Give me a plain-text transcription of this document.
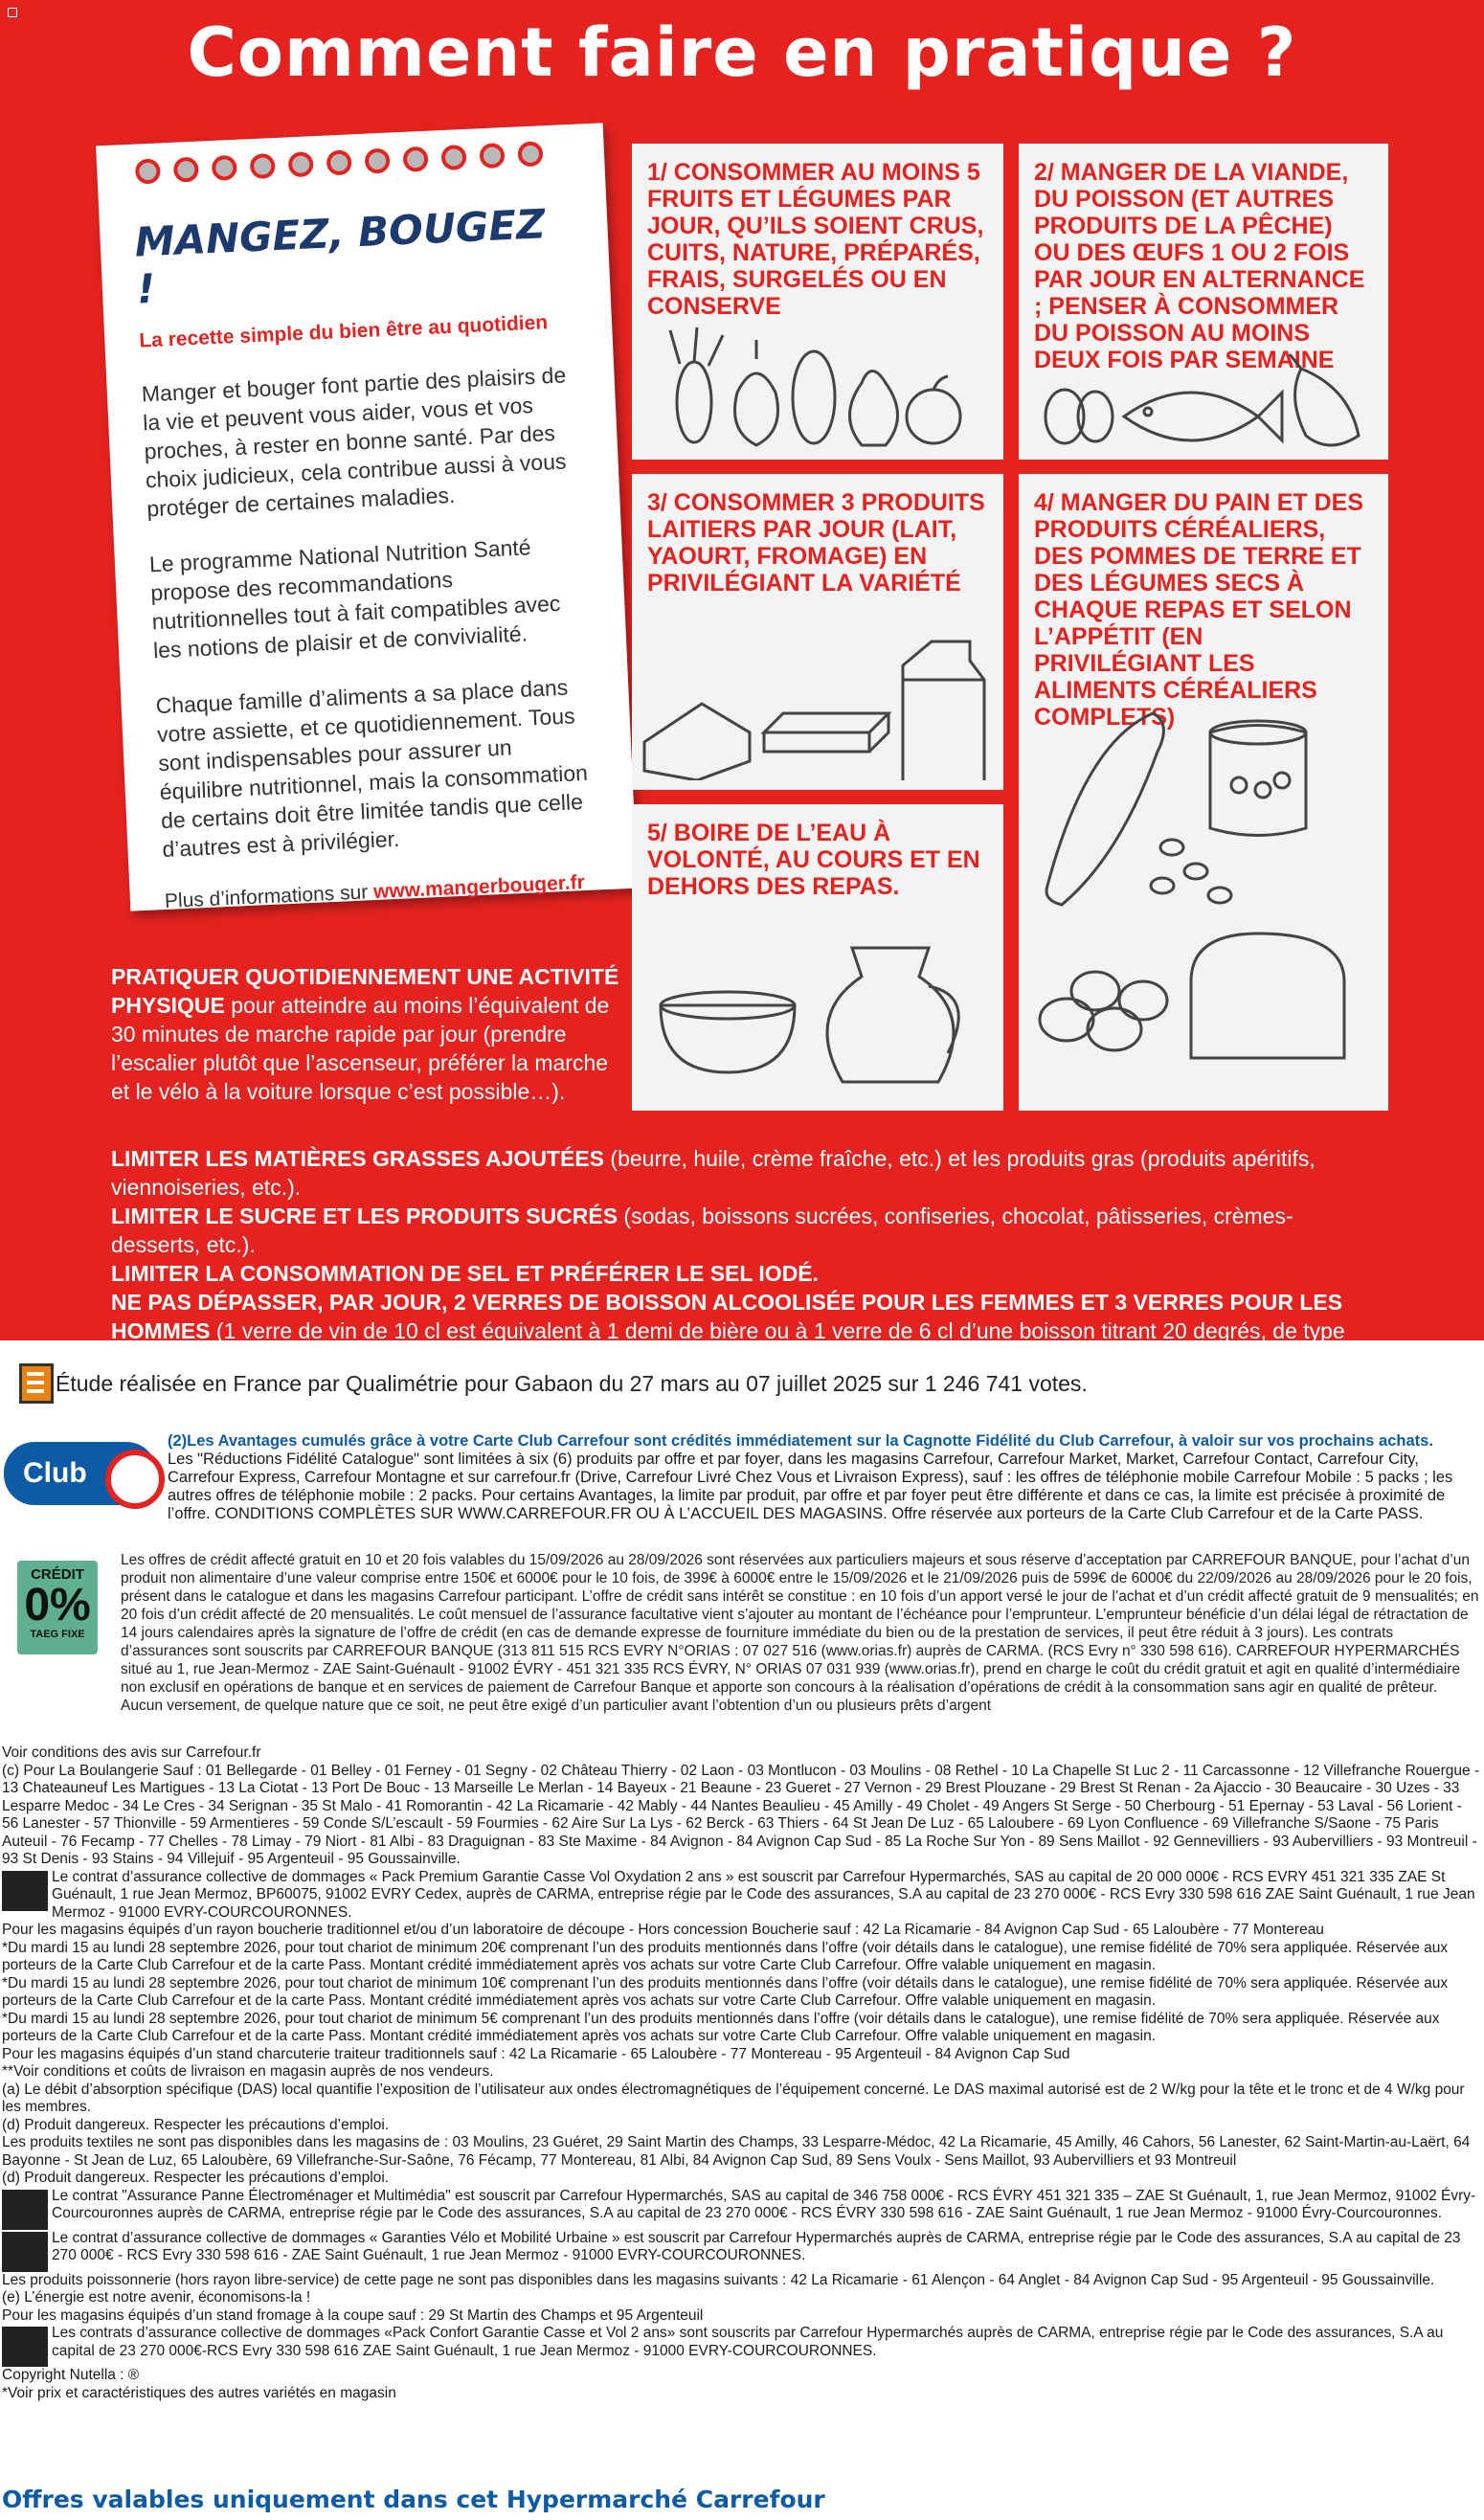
Comment faire en pratique ?
MANGEZ, BOUGEZ !
La recette simple du bien être au quotidien

Manger et bouger font partie des plaisirs de la vie et peuvent vous aider, vous et vos proches, à rester en bonne santé. Par des choix judicieux, cela contribue aussi à vous protéger de certaines maladies.

Le programme National Nutrition Santé propose des recommandations nutritionnelles tout à fait compatibles avec les notions de plaisir et de convivialité.

Chaque famille d’aliments a sa place dans votre assiette, et ce quotidiennement. Tous sont indispensables pour assurer un équilibre nutritionnel, mais la consommation de certains doit être limitée tandis que celle d’autres est à privilégier.

Plus d’informations sur www.mangerbouger.fr
1/ CONSOMMER AU MOINS 5 FRUITS ET LÉGUMES PAR JOUR, QU’ILS SOIENT CRUS, CUITS, NATURE, PRÉPARÉS, FRAIS, SURGELÉS OU EN CONSERVE
2/ MANGER DE LA VIANDE, DU POISSON (ET AUTRES PRODUITS DE LA PÊCHE) OU DES ŒUFS 1 OU 2 FOIS PAR JOUR EN ALTERNANCE ; PENSER À CONSOMMER DU POISSON AU MOINS DEUX FOIS PAR SEMAINE
3/ CONSOMMER 3 PRODUITS LAITIERS PAR JOUR (LAIT, YAOURT, FROMAGE) EN PRIVILÉGIANT LA VARIÉTÉ
4/ MANGER DU PAIN ET DES PRODUITS CÉRÉALIERS, DES POMMES DE TERRE ET DES LÉGUMES SECS À CHAQUE REPAS ET SELON L’APPÉTIT (EN PRIVILÉGIANT LES ALIMENTS CÉRÉALIERS COMPLETS)
5/ BOIRE DE L’EAU À VOLONTÉ, AU COURS ET EN DEHORS DES REPAS.
PRATIQUER QUOTIDIENNEMENT UNE ACTIVITÉ PHYSIQUE pour atteindre au moins l’équivalent de 30 minutes de marche rapide par jour (prendre l’escalier plutôt que l’ascenseur, préférer la marche et le vélo à la voiture lorsque c’est possible…).

LIMITER LES MATIÈRES GRASSES AJOUTÉES (beurre, huile, crème fraîche, etc.) et les produits gras (produits apéritifs, viennoiseries, etc.).

LIMITER LE SUCRE ET LES PRODUITS SUCRÉS (sodas, boissons sucrées, confiseries, chocolat, pâtisseries, crèmes-desserts, etc.).

LIMITER LA CONSOMMATION DE SEL ET PRÉFÉRER LE SEL IODÉ.

NE PAS DÉPASSER, PAR JOUR, 2 VERRES DE BOISSON ALCOOLISÉE POUR LES FEMMES ET 3 VERRES POUR LES HOMMES (1 verre de vin de 10 cl est équivalent à 1 demi de bière ou à 1 verre de 6 cl d’une boisson titrant 20 degrés, de type porto, ou de 3 cl d’une boisson titrant 40 à 45 degrés d’alcool, de type whisky ou pastis).

Étude réalisée en France par Qualimétrie pour Gabaon du 27 mars au 07 juillet 2025 sur 1 246 741 votes.
Club

(2)Les Avantages cumulés grâce à votre Carte Club Carrefour sont crédités immédiatement sur la Cagnotte Fidélité du Club Carrefour, à valoir sur vos prochains achats.

Les "Réductions Fidélité Catalogue" sont limitées à six (6) produits par offre et par foyer, dans les magasins Carrefour, Carrefour Market, Market, Carrefour Contact, Carrefour City, Carrefour Express, Carrefour Montagne et sur carrefour.fr (Drive, Carrefour Livré Chez Vous et Livraison Express), sauf : les offres de téléphonie mobile Carrefour Mobile : 5 packs ; les autres offres de téléphonie mobile : 2 packs. Pour certains Avantages, la limite par produit, par offre et par foyer peut être différente et dans ce cas, la limite est précisée à proximité de l’offre. CONDITIONS COMPLÈTES SUR WWW.CARREFOUR.FR OU À L’ACCUEIL DES MAGASINS. Offre réservée aux porteurs de la Carte Club Carrefour et de la Carte PASS.

CRÉDIT
0%
TAEG FIXE

Les offres de crédit affecté gratuit en 10 et 20 fois valables du 15/09/2026 au 28/09/2026 sont réservées aux particuliers majeurs et sous réserve d’acceptation par CARREFOUR BANQUE, pour l’achat d’un produit non alimentaire d’une valeur comprise entre 150€ et 6000€ pour le 10 fois, de 399€ à 6000€ entre le 15/09/2026 et le 21/09/2026 puis de 599€ de 6000€ du 22/09/2026 au 28/09/2026 pour le 20 fois, présent dans le catalogue et dans les magasins Carrefour participant. L’offre de crédit sans intérêt se constitue : en 10 fois d’un apport versé le jour de l’achat et d’un crédit affecté gratuit de 9 mensualités; en 20 fois d’un crédit affecté de 20 mensualités. Le coût mensuel de l’assurance facultative vient s’ajouter au montant de l’échéance pour l’emprunteur. L’emprunteur bénéficie d’un délai légal de rétractation de 14 jours calendaires après la signature de l’offre de crédit (en cas de demande expresse de fourniture immédiate du bien ou de la prestation de services, il peut être réduit à 3 jours). Les contrats d’assurances sont souscrits par CARREFOUR BANQUE (313 811 515 RCS EVRY N°ORIAS : 07 027 516 (www.orias.fr) auprès de CARMA. (RCS Evry n° 330 598 616). CARREFOUR HYPERMARCHÉS situé au 1, rue Jean-Mermoz - ZAE Saint-Guénault - 91002 ÉVRY - 451 321 335 RCS ÉVRY, N° ORIAS 07 031 939 (www.orias.fr), prend en charge le coût du crédit gratuit et agit en qualité d’intermédiaire non exclusif en opérations de banque et en services de paiement de Carrefour Banque et apporte son concours à la réalisation d’opérations de crédit à la consommation sans agir en qualité de prêteur. Aucun versement, de quelque nature que ce soit, ne peut être exigé d’un particulier avant l’obtention d’un ou plusieurs prêts d’argent

Voir conditions des avis sur Carrefour.fr

(c) Pour La Boulangerie Sauf : 01 Bellegarde - 01 Belley - 01 Ferney - 01 Segny - 02 Château Thierry - 02 Laon - 03 Montlucon - 03 Moulins - 08 Rethel - 10 La Chapelle St Luc 2 - 11 Carcassonne - 12 Villefranche Rouergue - 13 Chateauneuf Les Martigues - 13 La Ciotat - 13 Port De Bouc - 13 Marseille Le Merlan - 14 Bayeux - 21 Beaune - 23 Gueret - 27 Vernon - 29 Brest Plouzane - 29 Brest St Renan - 2a Ajaccio - 30 Beaucaire - 30 Uzes - 33 Lesparre Medoc - 34 Le Cres - 34 Serignan - 35 St Malo - 41 Romorantin - 42 La Ricamarie - 42 Mably - 44 Nantes Beaulieu - 45 Amilly - 49 Cholet - 49 Angers St Serge - 50 Cherbourg - 51 Epernay - 53 Laval - 56 Lorient - 56 Lanester - 57 Thionville - 59 Armentieres - 59 Conde S/L’escault - 59 Fourmies - 62 Aire Sur La Lys - 62 Berck - 63 Thiers - 64 St Jean De Luz - 65 Laloubere - 69 Lyon Confluence - 69 Villefranche S/Saone - 75 Paris Auteuil - 76 Fecamp - 77 Chelles - 78 Limay - 79 Niort - 81 Albi - 83 Draguignan - 83 Ste Maxime - 84 Avignon - 84 Avignon Cap Sud - 85 La Roche Sur Yon - 89 Sens Maillot - 92 Gennevilliers - 93 Aubervilliers - 93 Montreuil - 93 St Denis - 93 Stains - 94 Villejuif - 95 Argenteuil - 95 Goussainville.

Le contrat d’assurance collective de dommages « Pack Premium Garantie Casse Vol Oxydation 2 ans » est souscrit par Carrefour Hypermarchés, SAS au capital de 20 000 000€ - RCS EVRY 451 321 335 ZAE St Guénault, 1 rue Jean Mermoz, BP60075, 91002 EVRY Cedex, auprès de CARMA, entreprise régie par le Code des assurances, S.A au capital de 23 270 000€ - RCS Evry 330 598 616 ZAE Saint Guénault, 1 rue Jean Mermoz - 91000 EVRY-COURCOURONNES.

Pour les magasins équipés d’un rayon boucherie traditionnel et/ou d’un laboratoire de découpe - Hors concession Boucherie sauf : 42 La Ricamarie - 84 Avignon Cap Sud - 65 Laloubère - 77 Montereau

*Du mardi 15 au lundi 28 septembre 2026, pour tout chariot de minimum 20€ comprenant l’un des produits mentionnés dans l’offre (voir détails dans le catalogue), une remise fidélité de 70% sera appliquée. Réservée aux porteurs de la Carte Club Carrefour et de la carte Pass. Montant crédité immédiatement après vos achats sur votre Carte Club Carrefour. Offre valable uniquement en magasin.

*Du mardi 15 au lundi 28 septembre 2026, pour tout chariot de minimum 10€ comprenant l’un des produits mentionnés dans l’offre (voir détails dans le catalogue), une remise fidélité de 70% sera appliquée. Réservée aux porteurs de la Carte Club Carrefour et de la carte Pass. Montant crédité immédiatement après vos achats sur votre Carte Club Carrefour. Offre valable uniquement en magasin.

*Du mardi 15 au lundi 28 septembre 2026, pour tout chariot de minimum 5€ comprenant l’un des produits mentionnés dans l’offre (voir détails dans le catalogue), une remise fidélité de 70% sera appliquée. Réservée aux porteurs de la Carte Club Carrefour et de la carte Pass. Montant crédité immédiatement après vos achats sur votre Carte Club Carrefour. Offre valable uniquement en magasin.

Pour les magasins équipés d’un stand charcuterie traiteur traditionnels sauf : 42 La Ricamarie - 65 Laloubère - 77 Montereau - 95 Argenteuil - 84 Avignon Cap Sud

**Voir conditions et coûts de livraison en magasin auprès de nos vendeurs.

(a) Le débit d’absorption spécifique (DAS) local quantifie l’exposition de l’utilisateur aux ondes électromagnétiques de l’équipement concerné. Le DAS maximal autorisé est de 2 W/kg pour la tête et le tronc et de 4 W/kg pour les membres.

(d) Produit dangereux. Respecter les précautions d’emploi.

Les produits textiles ne sont pas disponibles dans les magasins de : 03 Moulins, 23 Guéret, 29 Saint Martin des Champs, 33 Lesparre-Médoc, 42 La Ricamarie, 45 Amilly, 46 Cahors, 56 Lanester, 62 Saint-Martin-au-Laërt, 64 Bayonne - St Jean de Luz, 65 Laloubère, 69 Villefranche-Sur-Saône, 76 Fécamp, 77 Montereau, 81 Albi, 84 Avignon Cap Sud, 89 Sens Voulx - Sens Maillot, 93 Aubervilliers et 93 Montreuil

(d) Produit dangereux. Respecter les précautions d’emploi.

Le contrat "Assurance Panne Électroménager et Multimédia" est souscrit par Carrefour Hypermarchés, SAS au capital de 346 758 000€ - RCS ÉVRY 451 321 335 – ZAE St Guénault, 1, rue Jean Mermoz, 91002 Évry-Courcouronnes auprès de CARMA, entreprise régie par le Code des assurances, S.A au capital de 23 270 000€ - RCS ÉVRY 330 598 616 - ZAE Saint Guénault, 1 rue Jean Mermoz - 91000 Évry-Courcouronnes.

Le contrat d’assurance collective de dommages « Garanties Vélo et Mobilité Urbaine » est souscrit par Carrefour Hypermarchés auprès de CARMA, entreprise régie par le Code des assurances, S.A au capital de 23 270 000€ - RCS Evry 330 598 616 - ZAE Saint Guénault, 1 rue Jean Mermoz - 91000 EVRY-COURCOURONNES.

Les produits poissonnerie (hors rayon libre-service) de cette page ne sont pas disponibles dans les magasins suivants : 42 La Ricamarie - 61 Alençon - 64 Anglet - 84 Avignon Cap Sud - 95 Argenteuil - 95 Goussainville.

(e) L’énergie est notre avenir, économisons-la !

Pour les magasins équipés d’un stand fromage à la coupe sauf : 29 St Martin des Champs et 95 Argenteuil

Les contrats d’assurance collective de dommages «Pack Confort Garantie Casse et Vol 2 ans» sont souscrits par Carrefour Hypermarchés auprès de CARMA, entreprise régie par le Code des assurances, S.A au capital de 23 270 000€-RCS Evry 330 598 616 ZAE Saint Guénault, 1 rue Jean Mermoz - 91000 EVRY-COURCOURONNES.

Copyright Nutella : ®

*Voir prix et caractéristiques des autres variétés en magasin

Offres valables uniquement dans cet Hypermarché Carrefour
